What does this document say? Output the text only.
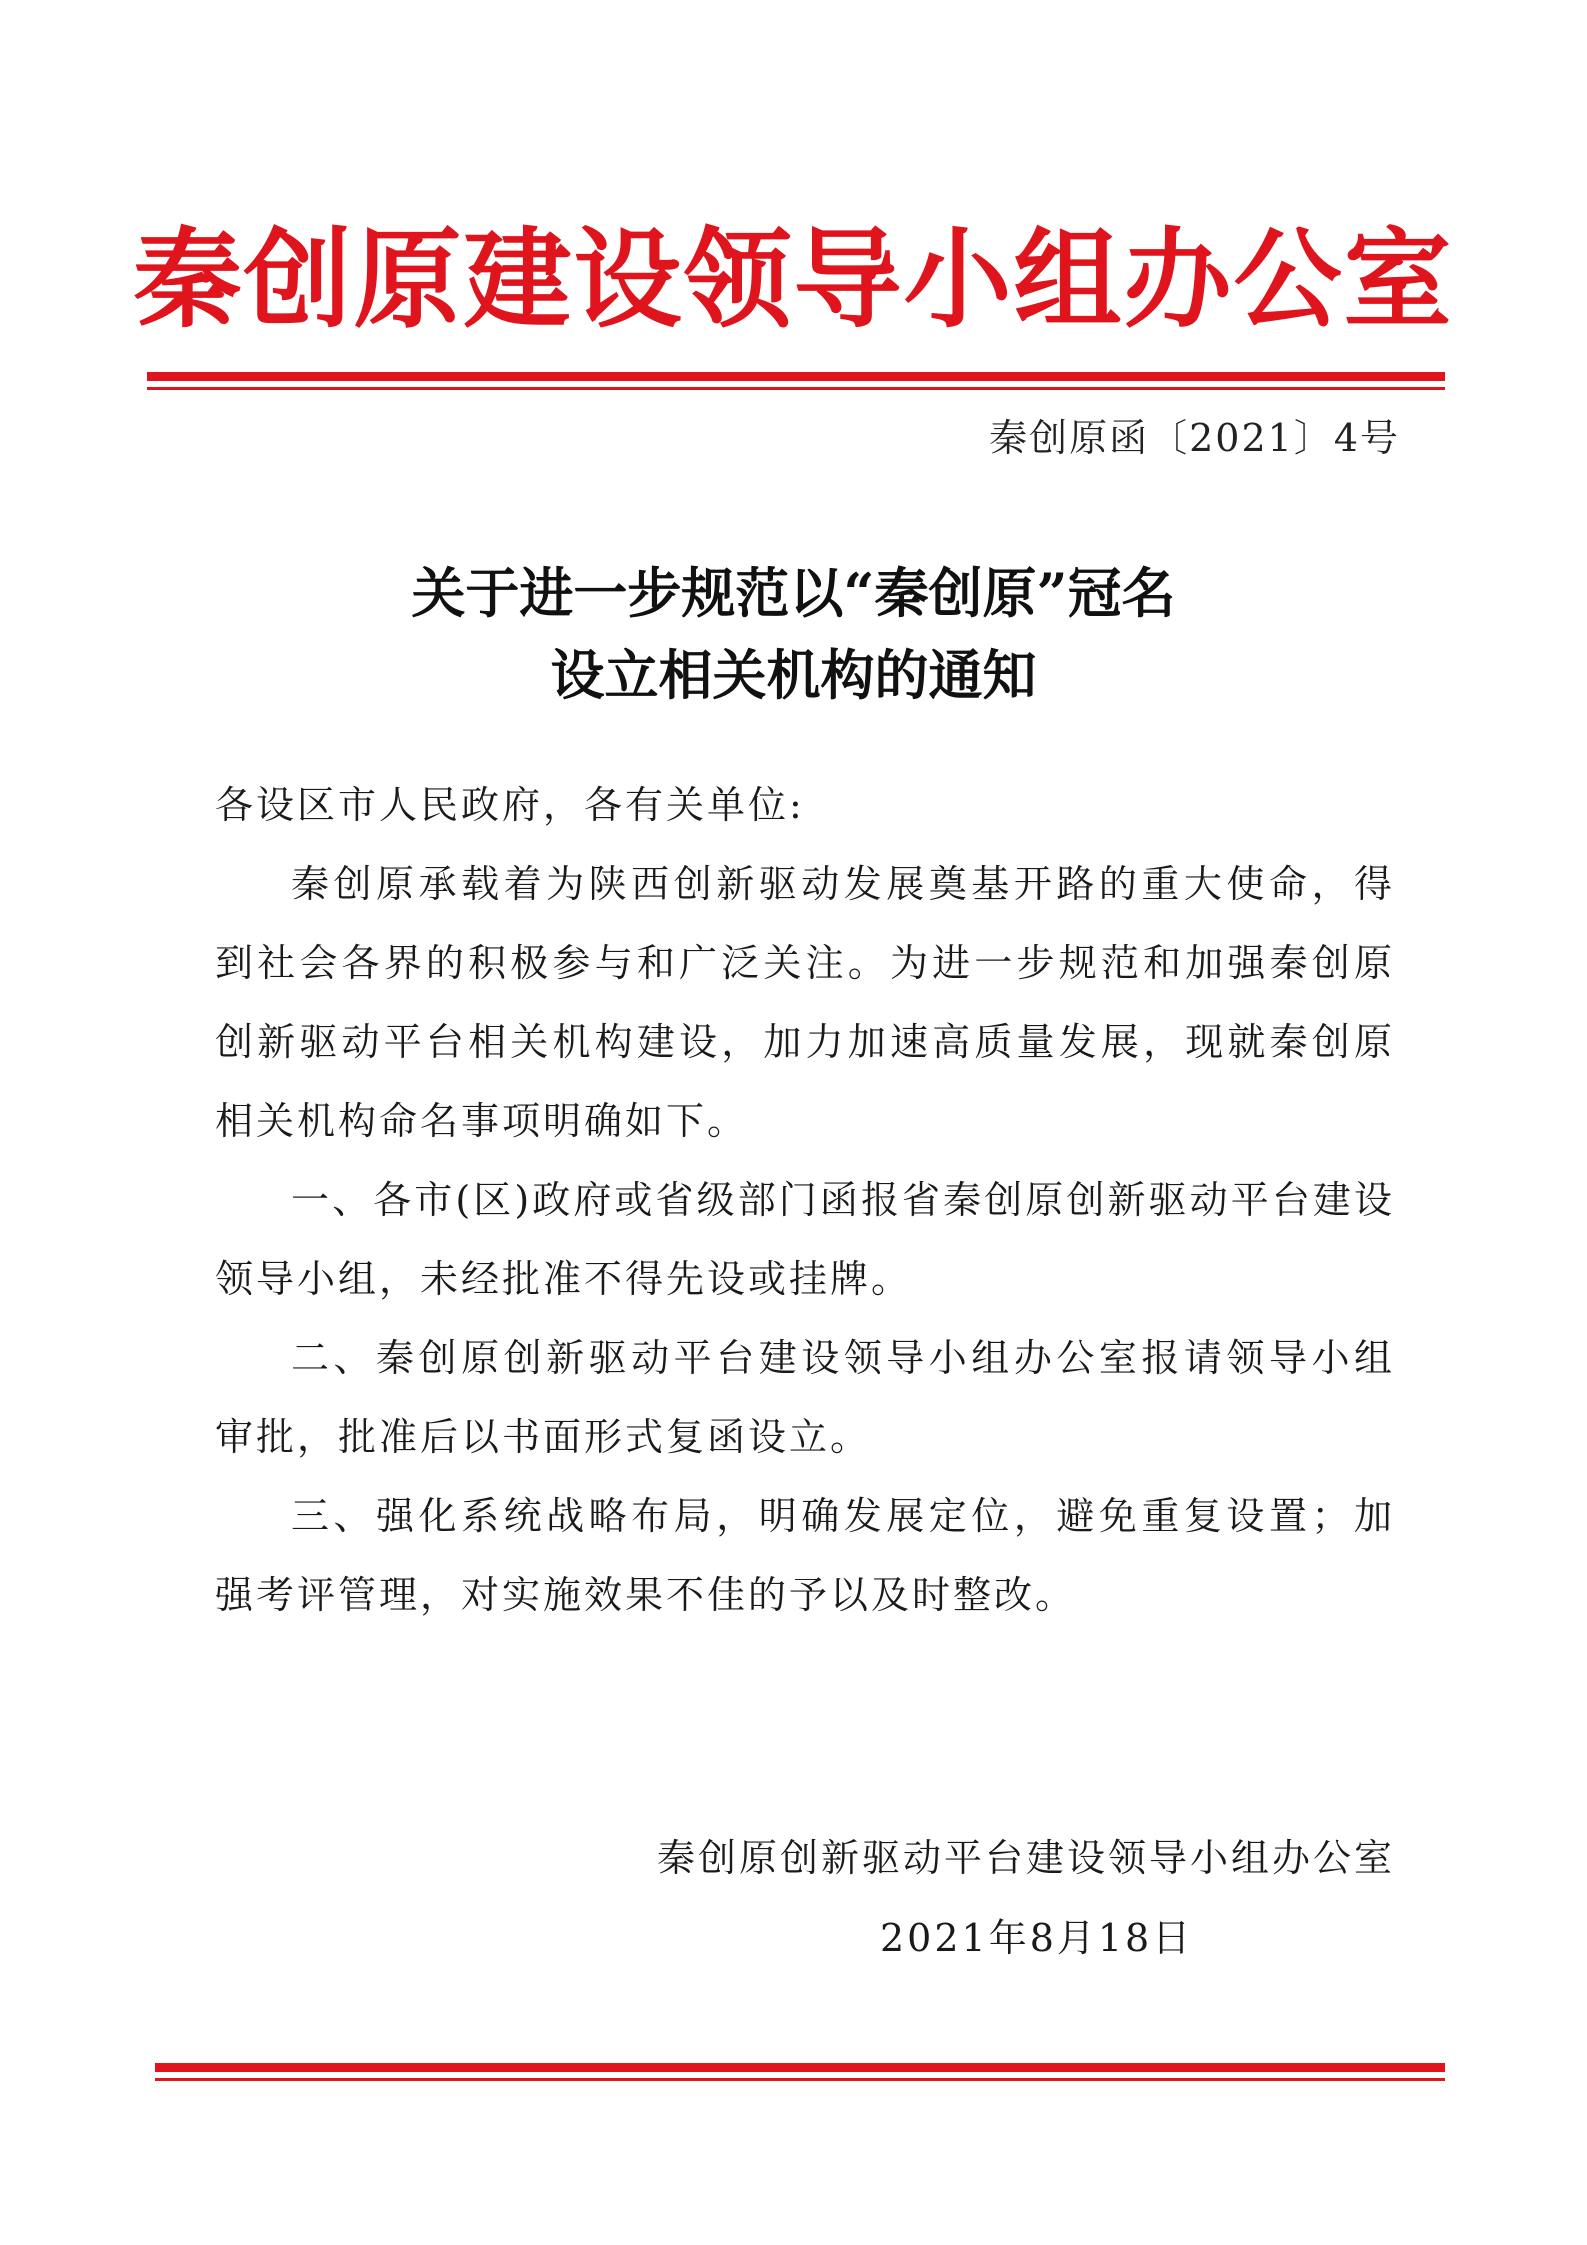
秦创原建设领导小组办公室
秦创原函〔2021〕4号
关于进一步规范以“秦创原”冠名
设立相关机构的通知

各设区市人民政府，各有关单位:

秦创原承载着为陕西创新驱动发展奠基开路的重大使命，得到社会各界的积极参与和广泛关注。为进一步规范和加强秦创原创新驱动平台相关机构建设，加力加速高质量发展，现就秦创原相关机构命名事项明确如下。

一、各市(区)政府或省级部门函报省秦创原创新驱动平台建设领导小组，未经批准不得先设或挂牌。

二、秦创原创新驱动平台建设领导小组办公室报请领导小组审批，批准后以书面形式复函设立。

三、强化系统战略布局，明确发展定位，避免重复设置；加强考评管理，对实施效果不佳的予以及时整改。

秦创原创新驱动平台建设领导小组办公室
2021年8月18日
